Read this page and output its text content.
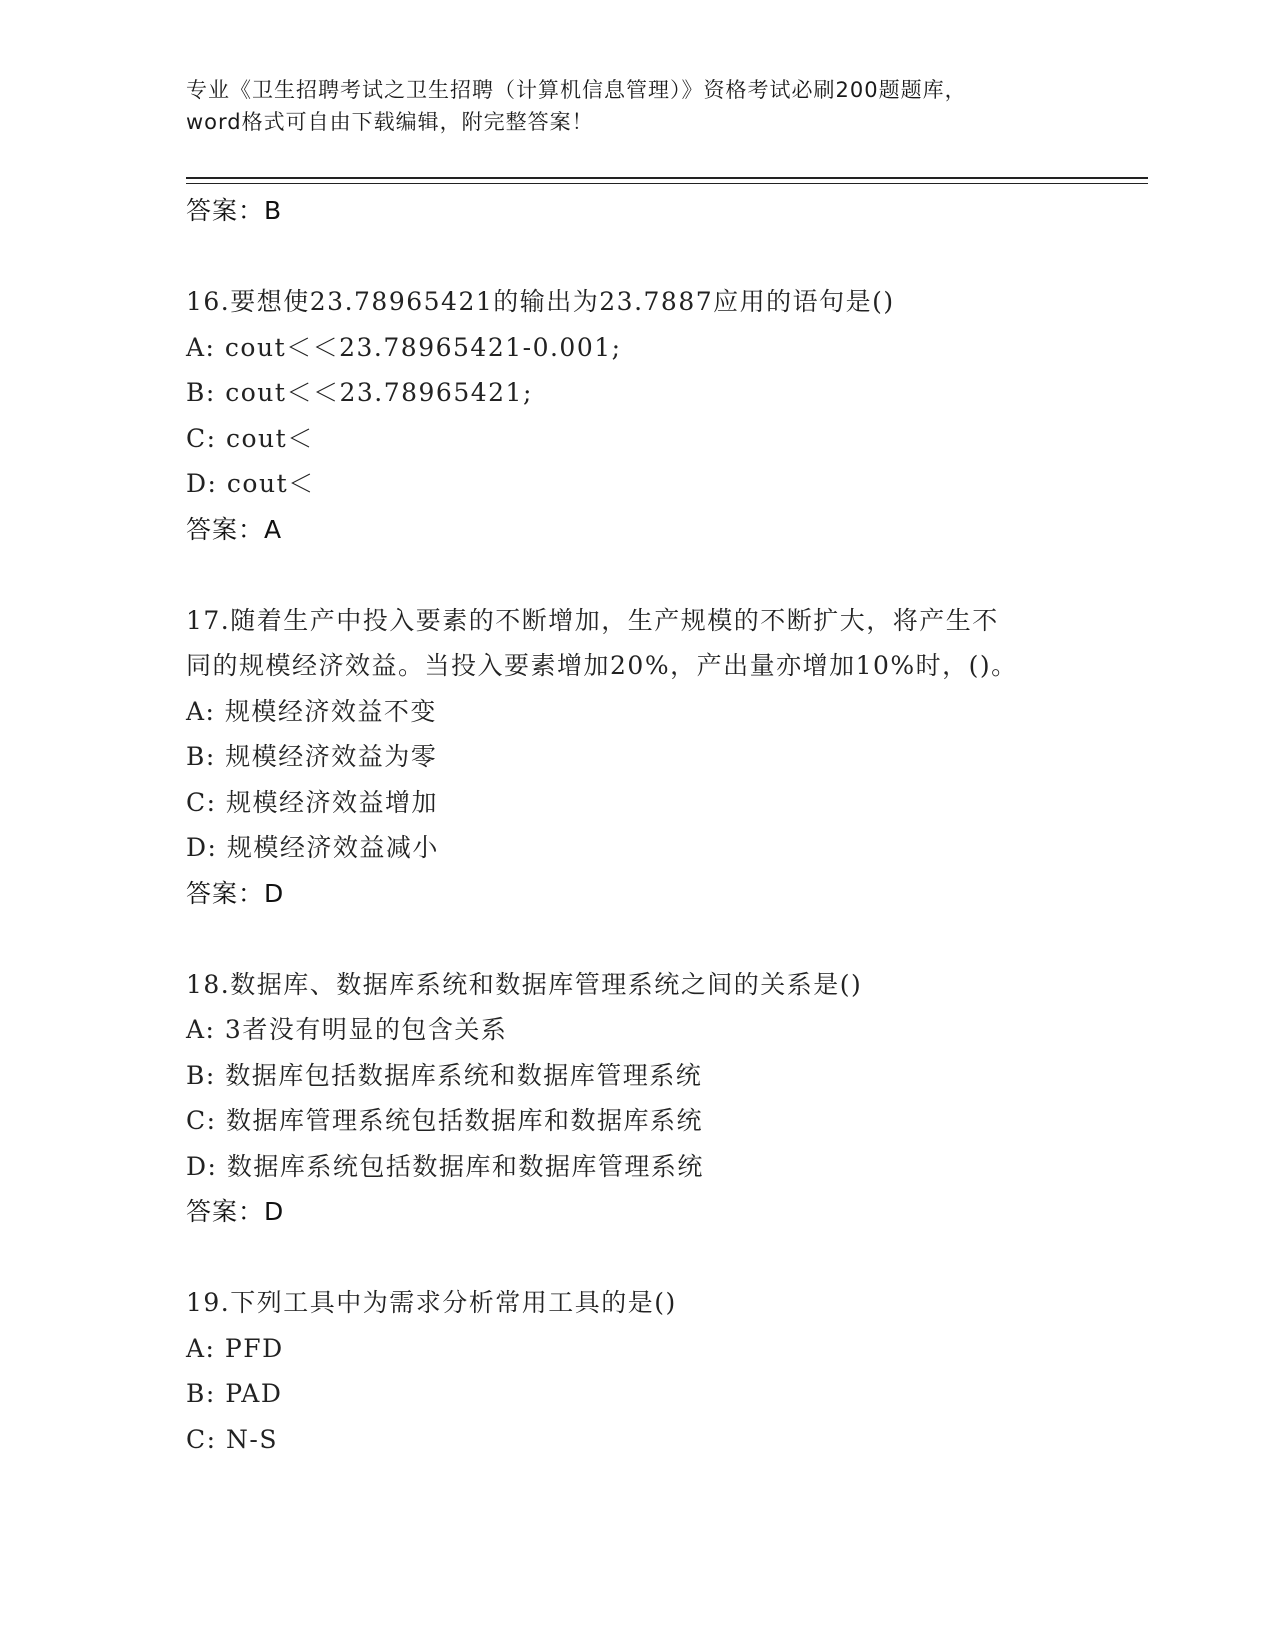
专业《卫生招聘考试之卫生招聘（计算机信息管理）》资格考试必刷200题题库，
word格式可自由下载编辑，附完整答案！
答案：B
16.要想使23.78965421的输出为23.7887应用的语句是()
A: cout＜＜23.78965421-0.001;
B: cout＜＜23.78965421;
C: cout＜
D: cout＜
答案：A
17.随着生产中投入要素的不断增加，生产规模的不断扩大，将产生不
同的规模经济效益。当投入要素增加20%，产出量亦增加10%时，()。
A: 规模经济效益不变
B: 规模经济效益为零
C: 规模经济效益增加
D: 规模经济效益减小
答案：D
18.数据库、数据库系统和数据库管理系统之间的关系是()
A: 3者没有明显的包含关系
B: 数据库包括数据库系统和数据库管理系统
C: 数据库管理系统包括数据库和数据库系统
D: 数据库系统包括数据库和数据库管理系统
答案：D
19.下列工具中为需求分析常用工具的是()
A: PFD
B: PAD
C: N-S
